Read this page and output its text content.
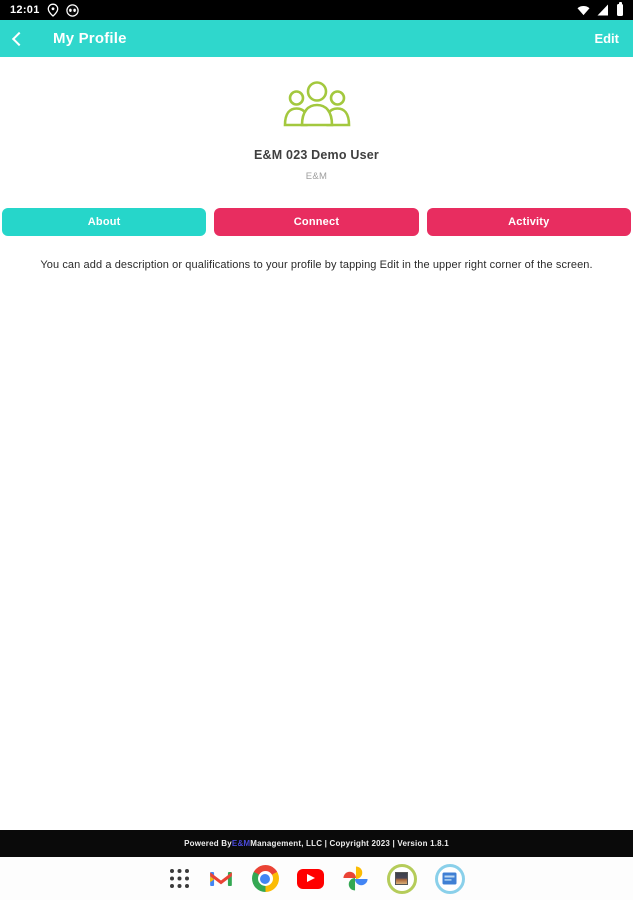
12:01
My Profile	Edit
E&M 023 Demo User
E&M
About	Connect	Activity
You can add a description or qualifications to your profile by tapping Edit in the upper right corner of the screen.
Powered By E&M Management, LLC | Copyright 2023 | Version 1.8.1
